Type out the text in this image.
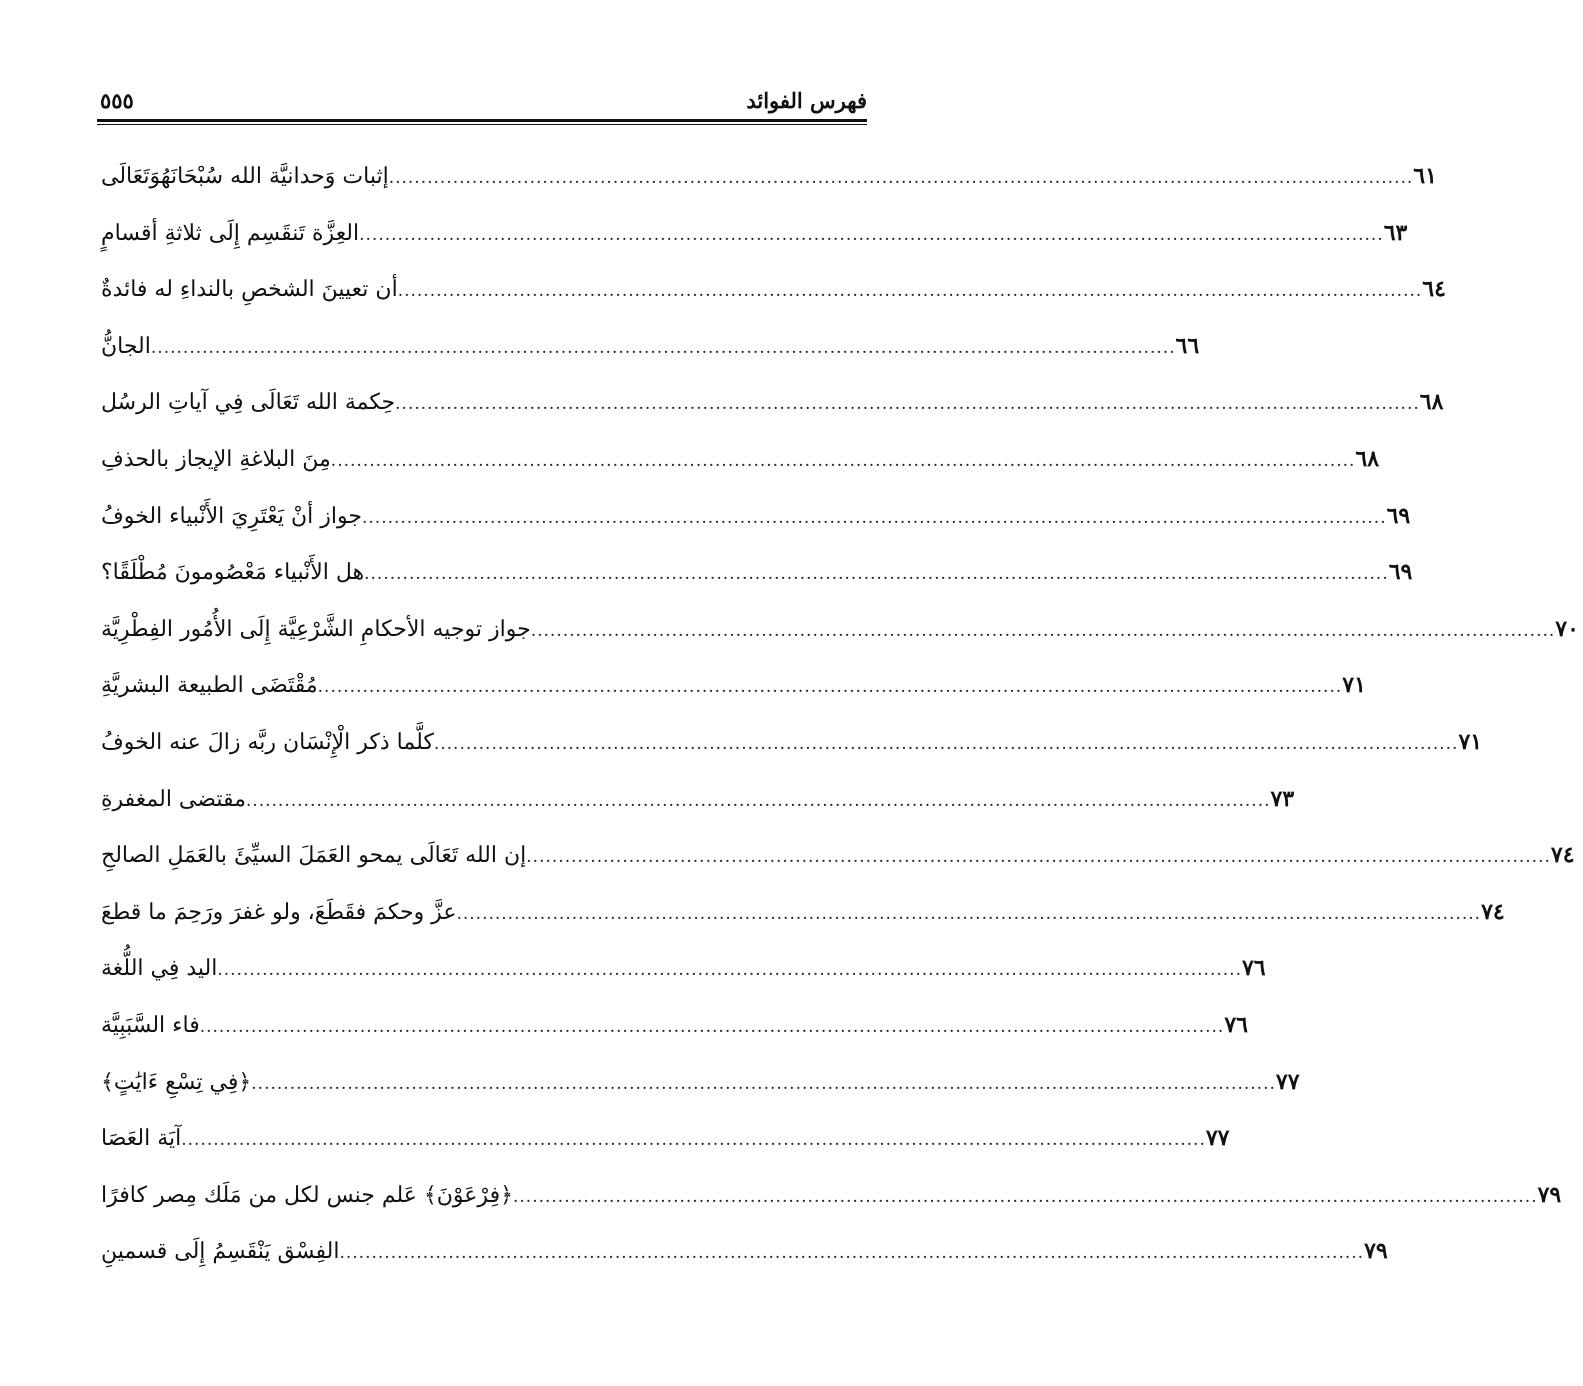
فهرس الفوائد
٥٥٥
إثبات وَحدانيَّة الله سُبْحَانَهُوَتَعَالَى ................................................................................................................................................................ ٦١
العِزَّة تَنقَسِم إِلَى ثلاثةِ أقسامٍ ................................................................................................................................................................ ٦٣
أن تعيينَ الشخصِ بالنداءِ له فائدةٌ ................................................................................................................................................................ ٦٤
الجانُّ ................................................................................................................................................................ ٦٦
حِكمة الله تَعَالَى فِي آياتِ الرسُل ................................................................................................................................................................ ٦٨
مِنَ البلاغةِ الإيجاز بالحذفِ ................................................................................................................................................................ ٦٨
جواز أنْ يَعْتَرِيَ الأَنْبياء الخوفُ ................................................................................................................................................................ ٦٩
هل الأَنْبياء مَعْصُومونَ مُطْلَقًا؟ ................................................................................................................................................................ ٦٩
جواز توجيه الأحكامِ الشَّرْعِيَّة إِلَى الأُمُور الفِطْرِيَّة ................................................................................................................................................................ ٧٠
مُقْتَضَى الطبيعة البشريَّةِ ................................................................................................................................................................ ٧١
كلَّما ذكر الْإِنْسَان ربَّه زالَ عنه الخوفُ ................................................................................................................................................................ ٧١
مقتضى المغفرةِ ................................................................................................................................................................ ٧٣
إن الله تَعَالَى يمحو العَمَلَ السيِّئَ بالعَمَلِ الصالحِ ................................................................................................................................................................ ٧٤
عزَّ وحكمَ فقَطَعَ، ولو غفرَ ورَحِمَ ما قطعَ ................................................................................................................................................................ ٧٤
اليد فِي اللُّغة ................................................................................................................................................................ ٧٦
فاء السَّبَبِيَّة ................................................................................................................................................................ ٧٦
﴿فِي تِسْعِ ءَايَٰتٍ﴾ ................................................................................................................................................................ ٧٧
آيَة العَصَا ................................................................................................................................................................ ٧٧
﴿فِرْعَوْنَ﴾ عَلم جنس لكل من مَلَك مِصر كافرًا ................................................................................................................................................................ ٧٩
الفِسْق يَنْقَسِمُ إِلَى قسمينِ ................................................................................................................................................................ ٧٩
